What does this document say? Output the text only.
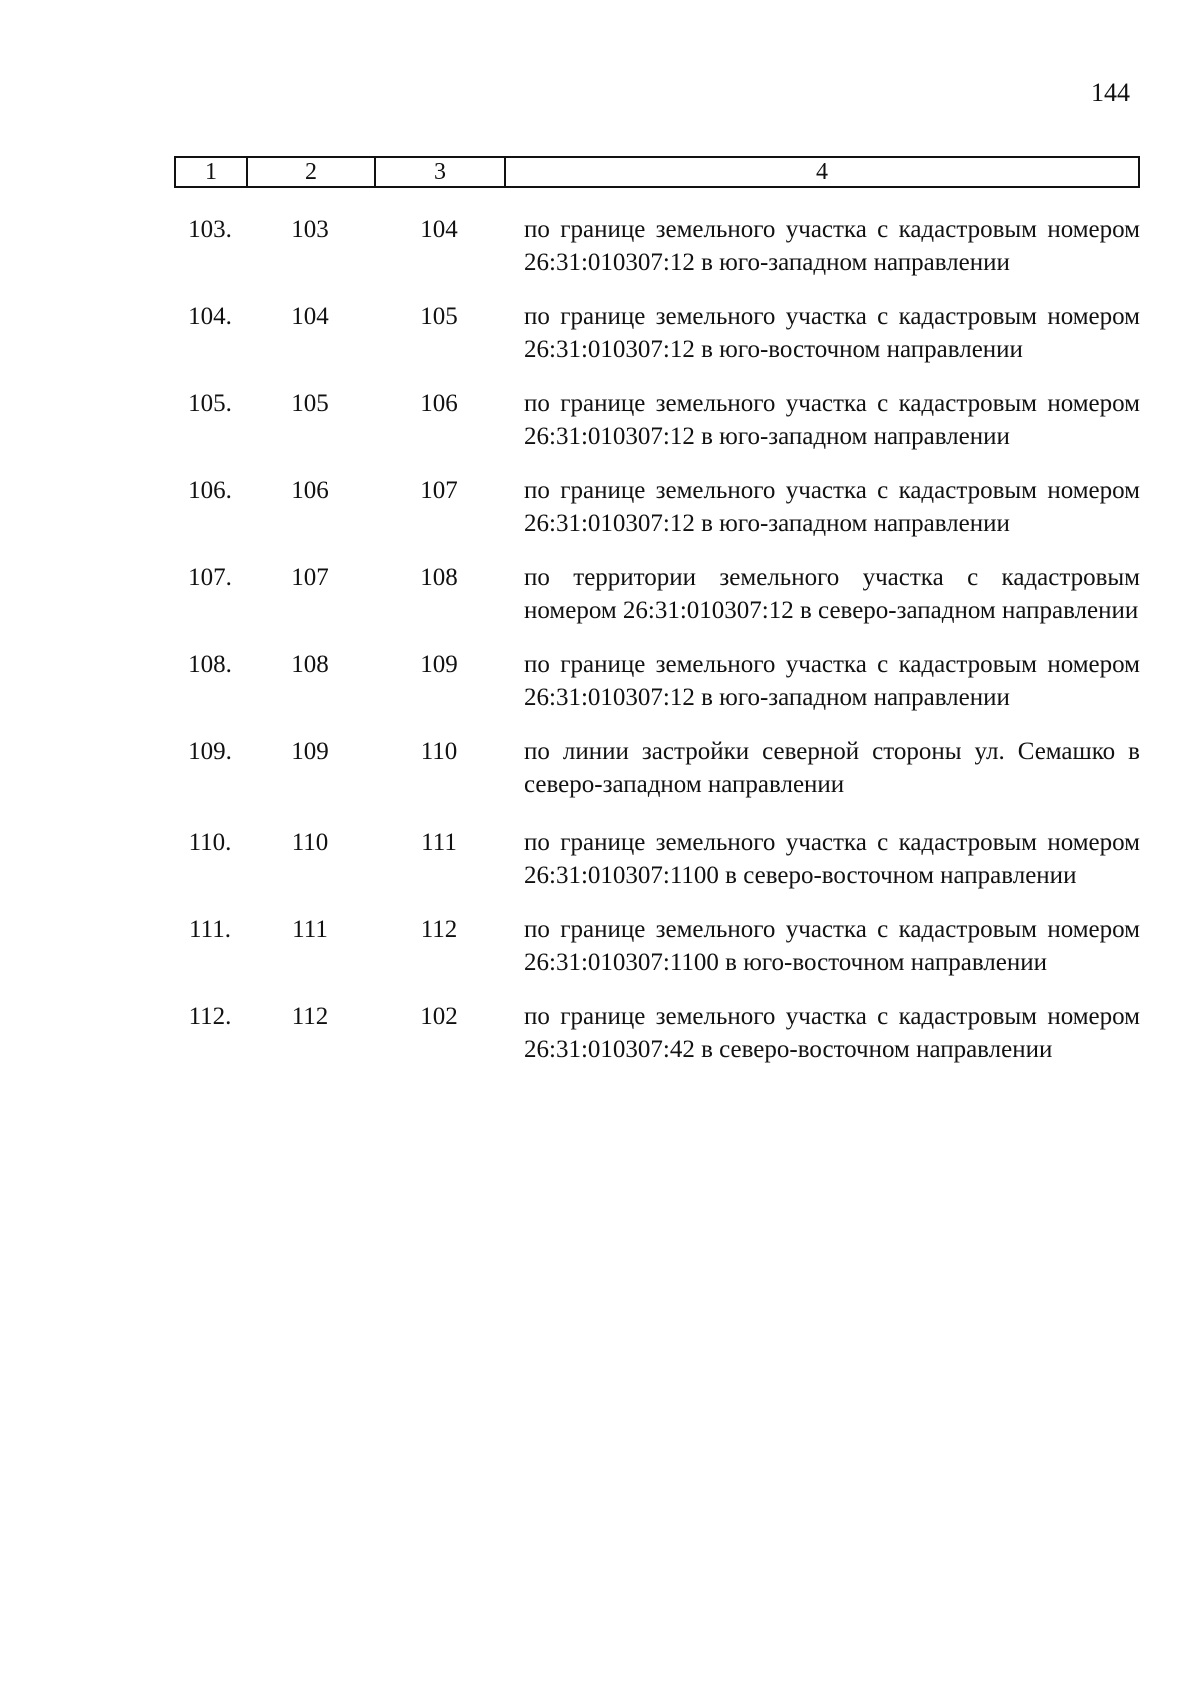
144
1	2	3	4
103.	103	104	по границе земельного участка с кадастровым номером 26:31:010307:12 в юго-западном направлении
104.	104	105	по границе земельного участка с кадастровым номером 26:31:010307:12 в юго-восточном направлении
105.	105	106	по границе земельного участка с кадастровым номером 26:31:010307:12 в юго-западном направлении
106.	106	107	по границе земельного участка с кадастровым номером 26:31:010307:12 в юго-западном направлении
107.	107	108	по территории земельного участка с кадастровым номером 26:31:010307:12 в северо-западном направлении
108.	108	109	по границе земельного участка с кадастровым номером 26:31:010307:12 в юго-западном направлении
109.	109	110	по линии застройки северной стороны ул. Семашко в северо-западном направлении
110.	110	111	по границе земельного участка с кадастровым номером 26:31:010307:1100 в северо-восточном направлении
111.	111	112	по границе земельного участка с кадастровым номером 26:31:010307:1100 в юго-восточном направлении
112.	112	102	по границе земельного участка с кадастровым номером 26:31:010307:42 в северо-восточном направлении
